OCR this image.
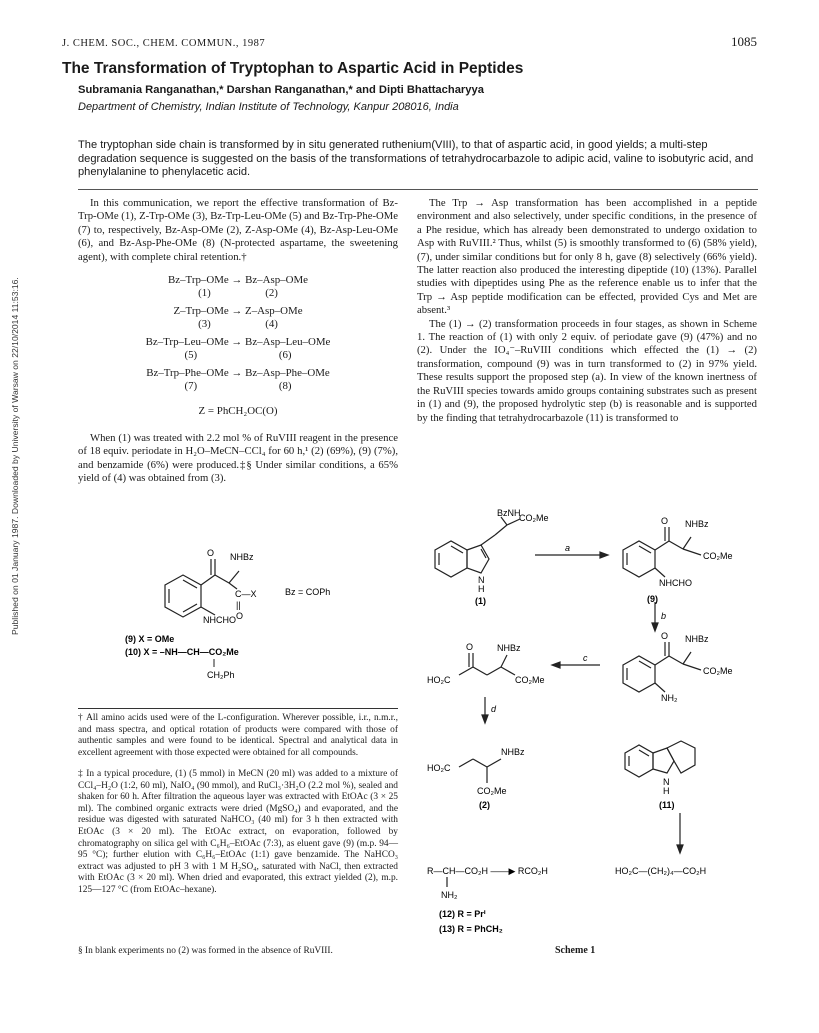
J. CHEM. SOC., CHEM. COMMUN., 1987	1085
Published on 01 January 1987. Downloaded by University of Warsaw on 22/10/2014 11:53:16.
The Transformation of Tryptophan to Aspartic Acid in Peptides
Subramania Ranganathan,* Darshan Ranganathan,* and Dipti Bhattacharyya
Department of Chemistry, Indian Institute of Technology, Kanpur 208016, India
The tryptophan side chain is transformed by in situ generated ruthenium(VIII), to that of aspartic acid, in good yields; a multi-step degradation sequence is suggested on the basis of the transformations of tetrahydrocarbazole to adipic acid, valine to isobutyric acid, and phenylalanine to phenylacetic acid.

In this communication, we report the effective transformation of Bz-Trp-OMe (1), Z-Trp-OMe (3), Bz-Trp-Leu-OMe (5) and Bz-Trp-Phe-OMe (7) to, respectively, Bz-Asp-OMe (2), Z-Asp-OMe (4), Bz-Asp-Leu-OMe (6), and Bz-Asp-Phe-OMe (8) (N-protected aspartame, the sweetening agent), with complete chiral retention.†

Bz–Trp–OMe → Bz–Asp–OMe
(1)                    (2)
Z–Trp–OMe → Z–Asp–OMe
(3)                    (4)
Bz–Trp–Leu–OMe → Bz–Asp–Leu–OMe
(5)                              (6)
Bz–Trp–Phe–OMe → Bz–Asp–Phe–OMe
(7)                              (8)
Z = PhCH₂OC(O)

When (1) was treated with 2.2 mol % of RuVIII reagent in the presence of 18 equiv. periodate in H₂O–MeCN–CCl₄ for 60 h,¹ (2) (69%), (9) (7%), and benzamide (6%) were produced.‡§ Under similar conditions, a 65% yield of (4) was obtained from (3).

O NHBz
C—X
||
O
NHCHO
Bz = COPh
(9) X = OMe
(10) X = –NH—CH—CO₂Me
CH₂Ph
† All amino acids used were of the L-configuration. Wherever possible, i.r., n.m.r., and mass spectra, and optical rotation of products were compared with those of authentic samples and were found to be identical. Spectral and analytical data in excellent agreement with those expected were obtained for all compounds.
‡ In a typical procedure, (1) (5 mmol) in MeCN (20 ml) was added to a mixture of CCl₄–H₂O (1:2, 60 ml), NaIO₄ (90 mmol), and RuCl₃·3H₂O (2.2 mol %), sealed and shaken for 60 h. After filtration the aqueous layer was extracted with EtOAc (3 × 25 ml). The combined organic extracts were dried (MgSO₄) and evaporated, and the residue was digested with saturated NaHCO₃ (40 ml) for 3 h then extracted with EtOAc (3 × 20 ml). The EtOAc extract, on evaporation, followed by chromatography on silica gel with C₆H₆–EtOAc (7:3), as eluent gave (9) (m.p. 94—95 °C); further elution with C₆H₆–EtOAc (1:1) gave benzamide. The NaHCO₃ extract was adjusted to pH 3 with 1 M H₂SO₄, saturated with NaCl, then extracted with EtOAc (3 × 20 ml). When dried and evaporated, this extract yielded (2), m.p. 125—127 °C (from EtOAc–hexane).
§ In blank experiments no (2) was formed in the absence of RuVIII.

The Trp → Asp transformation has been accomplished in a peptide environment and also selectively, under specific conditions, in the presence of a Phe residue, which has already been demonstrated to undergo oxidation to Asp with RuVIII.² Thus, whilst (5) is smoothly transformed to (6) (58% yield), (7), under similar conditions but for only 8 h, gave (8) selectively (66% yield). The latter reaction also produced the interesting dipeptide (10) (13%). Parallel studies with dipeptides using Phe as the reference enable us to infer that the Trp → Asp peptide modification can be effected, provided Cys and Met are absent.³

The (1) → (2) transformation proceeds in four stages, as shown in Scheme 1. The reaction of (1) with only 2 equiv. of periodate gave (9) (47%) and no (2). Under the IO₄⁻–RuVIII conditions which effected the (1) → (2) transformation, compound (9) was in turn transformed to (2) in 97% yield. These results support the proposed step (a). In view of the known inertness of the RuVIII species towards amido groups containing substrates such as present in (1) and (9), the proposed hydrolytic step (b) is reasonable and is supported by the finding that tetrahydrocarbazole (11) is transformed to

BzNH
CO₂Me
N
H
(1)
a
O NHBz
CO₂Me
NHCHO
(9)
b
O NHBz
CO₂Me
NH₂
c
O	NHBz
HO₂C	CO₂Me
d
NHBz
HO₂C
CO₂Me
(2)
N
H
(11)
R—CH—CO₂H ——▶ RCO₂H
NH₂
(12) R = Prⁱ
(13) R = PhCH₂
HO₂C—(CH₂)₄—CO₂H
Scheme 1
